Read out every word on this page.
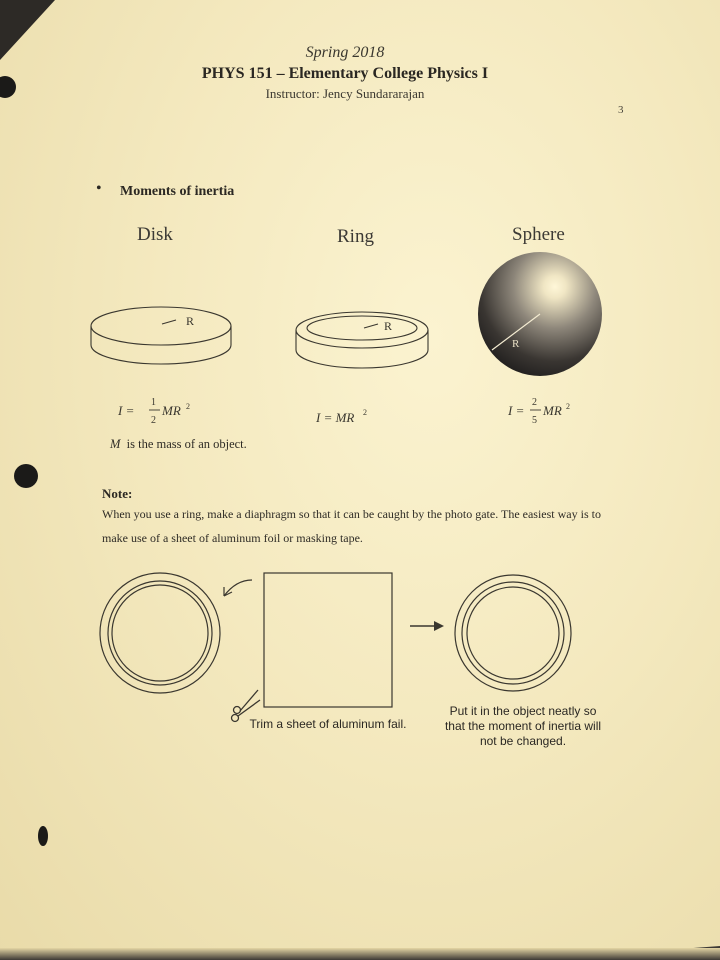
Spring 2018
PHYS 151 – Elementary College Physics I
Instructor: Jency Sundararajan
3
• Moments of inertia
Disk	Ring	Sphere
R	R
R
I =
1
2
MR 2
I = MR 2	I =
2
5
MR 2
M is the mass of an object.
Note:
When you use a ring, make a diaphragm so that it can be caught by the photo gate. The easiest way is to make use of a sheet of aluminum foil or masking tape.
Trim a sheet of aluminum fail.
Put it in the object neatly so that the moment of inertia will not be changed.
